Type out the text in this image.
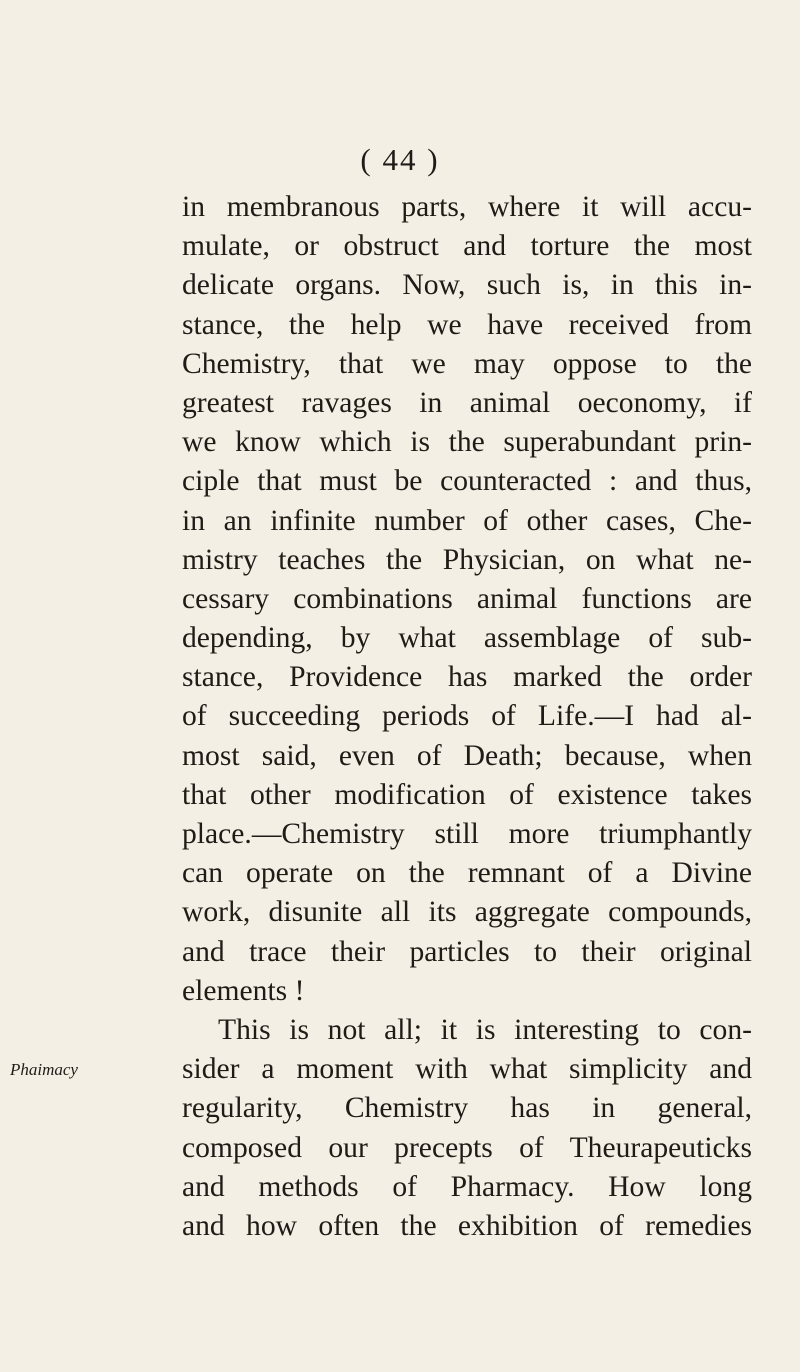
( 44 )
Phaimacy
in membranous parts, where it will accu-
mulate, or obstruct and torture the most
delicate organs. Now, such is, in this in-
stance, the help we have received from
Chemistry, that we may oppose to the
greatest ravages in animal oeconomy, if
we know which is the superabundant prin-
ciple that must be counteracted : and thus,
in an infinite number of other cases, Che-
mistry teaches the Physician, on what ne-
cessary combinations animal functions are
depending, by what assemblage of sub-
stance, Providence has marked the order
of succeeding periods of Life.—I had al-
most said, even of Death; because, when
that other modification of existence takes
place.—Chemistry still more triumphantly
can operate on the remnant of a Divine
work, disunite all its aggregate compounds,
and trace their particles to their original
elements !
This is not all; it is interesting to con-
sider a moment with what simplicity and
regularity, Chemistry has in general,
composed our precepts of Theurapeuticks
and methods of Pharmacy. How long
and how often the exhibition of remedies
